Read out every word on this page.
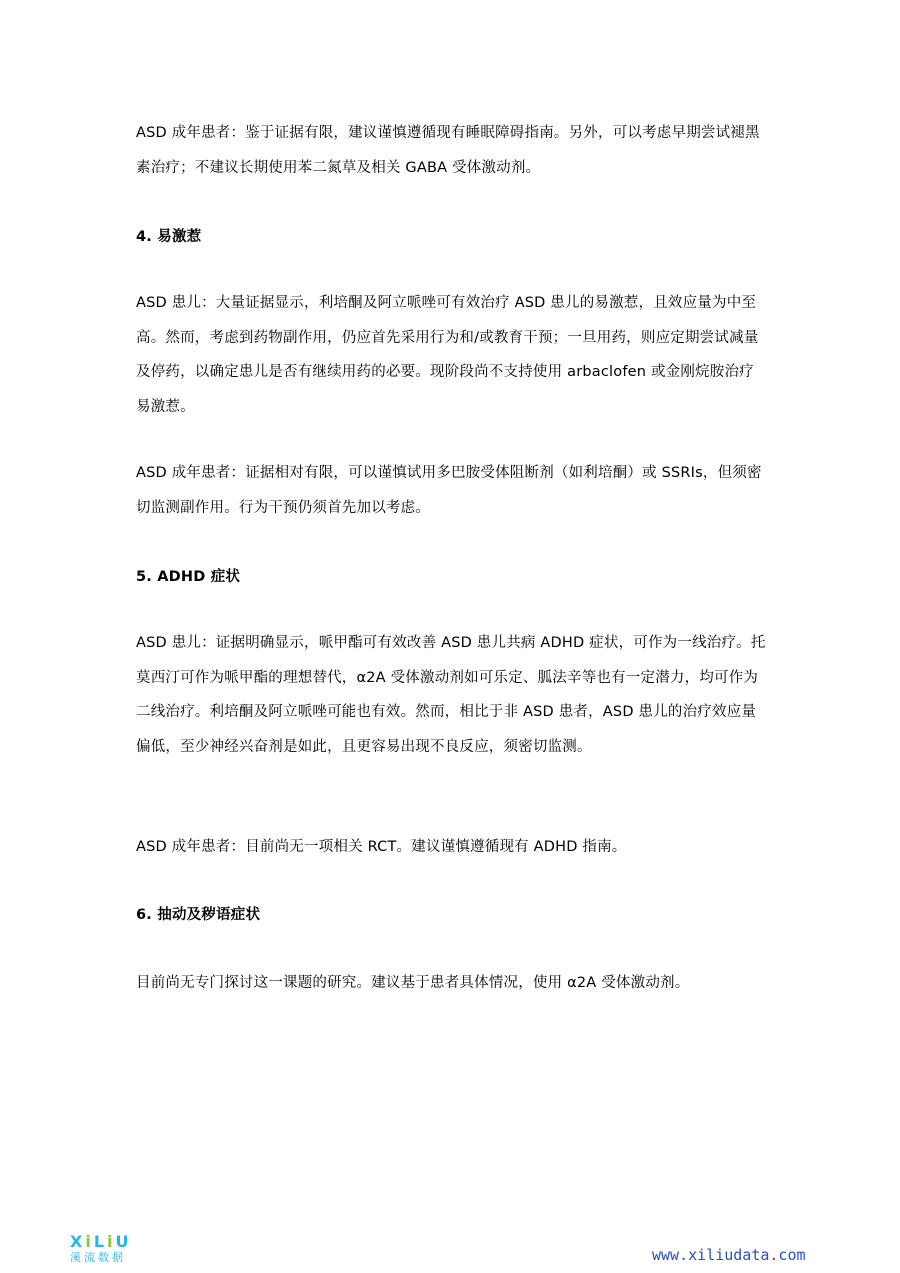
ASD 成年患者：鉴于证据有限，建议谨慎遵循现有睡眠障碍指南。另外，可以考虑早期尝试褪黑素治疗；不建议长期使用苯二氮草及相关 GABA 受体激动剂。

4. 易激惹

ASD 患儿：大量证据显示，利培酮及阿立哌唑可有效治疗 ASD 患儿的易激惹，且效应量为中至高。然而，考虑到药物副作用，仍应首先采用行为和/或教育干预；一旦用药，则应定期尝试减量及停药，以确定患儿是否有继续用药的必要。现阶段尚不支持使用 arbaclofen 或金刚烷胺治疗易激惹。

ASD 成年患者：证据相对有限，可以谨慎试用多巴胺受体阻断剂（如利培酮）或 SSRIs，但须密切监测副作用。行为干预仍须首先加以考虑。

5. ADHD 症状

ASD 患儿：证据明确显示，哌甲酯可有效改善 ASD 患儿共病 ADHD 症状，可作为一线治疗。托莫西汀可作为哌甲酯的理想替代，α2A 受体激动剂如可乐定、胍法辛等也有一定潜力，均可作为二线治疗。利培酮及阿立哌唑可能也有效。然而，相比于非 ASD 患者，ASD 患儿的治疗效应量偏低，至少神经兴奋剂是如此，且更容易出现不良反应，须密切监测。

ASD 成年患者：目前尚无一项相关 RCT。建议谨慎遵循现有 ADHD 指南。

6. 抽动及秽语症状

目前尚无专门探讨这一课题的研究。建议基于患者具体情况，使用 α2A 受体激动剂。

X i L i U
溪流数据	www.xiliudata.com
